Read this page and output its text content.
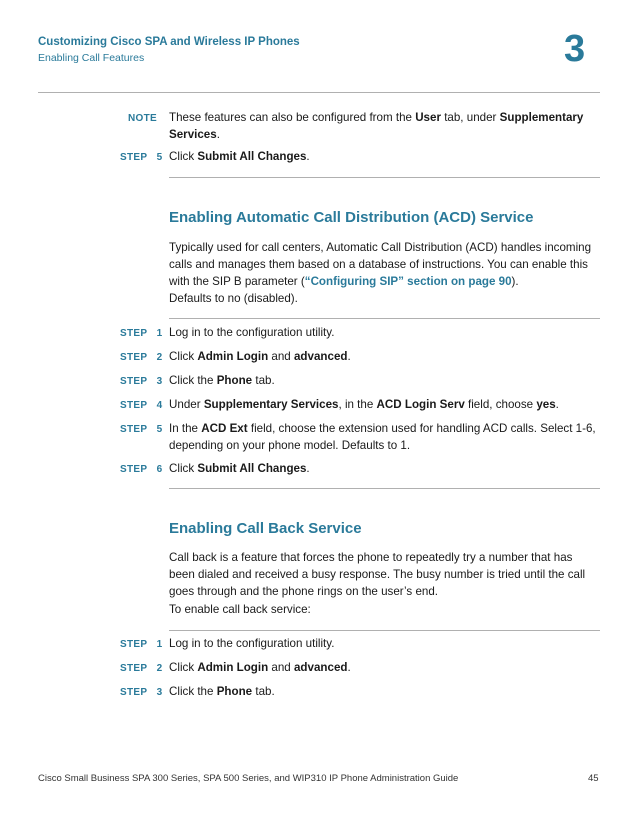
Customizing Cisco SPA and Wireless IP Phones
Enabling Call Features	3
NOTE These features can also be configured from the User tab, under Supplementary Services.
STEP 5 Click Submit All Changes.
Enabling Automatic Call Distribution (ACD) Service
Typically used for call centers, Automatic Call Distribution (ACD) handles incoming calls and manages them based on a database of instructions. You can enable this with the SIP B parameter (“Configuring SIP” section on page 90).
Defaults to no (disabled).
STEP 1 Log in to the configuration utility.
STEP 2 Click Admin Login and advanced.
STEP 3 Click the Phone tab.
STEP 4 Under Supplementary Services, in the ACD Login Serv field, choose yes.
STEP 5 In the ACD Ext field, choose the extension used for handling ACD calls. Select 1-6, depending on your phone model. Defaults to 1.
STEP 6 Click Submit All Changes.
Enabling Call Back Service
Call back is a feature that forces the phone to repeatedly try a number that has been dialed and received a busy response. The busy number is tried until the call goes through and the phone rings on the user’s end.
To enable call back service:
STEP 1 Log in to the configuration utility.
STEP 2 Click Admin Login and advanced.
STEP 3 Click the Phone tab.
Cisco Small Business SPA 300 Series, SPA 500 Series, and WIP310 IP Phone Administration Guide	45
